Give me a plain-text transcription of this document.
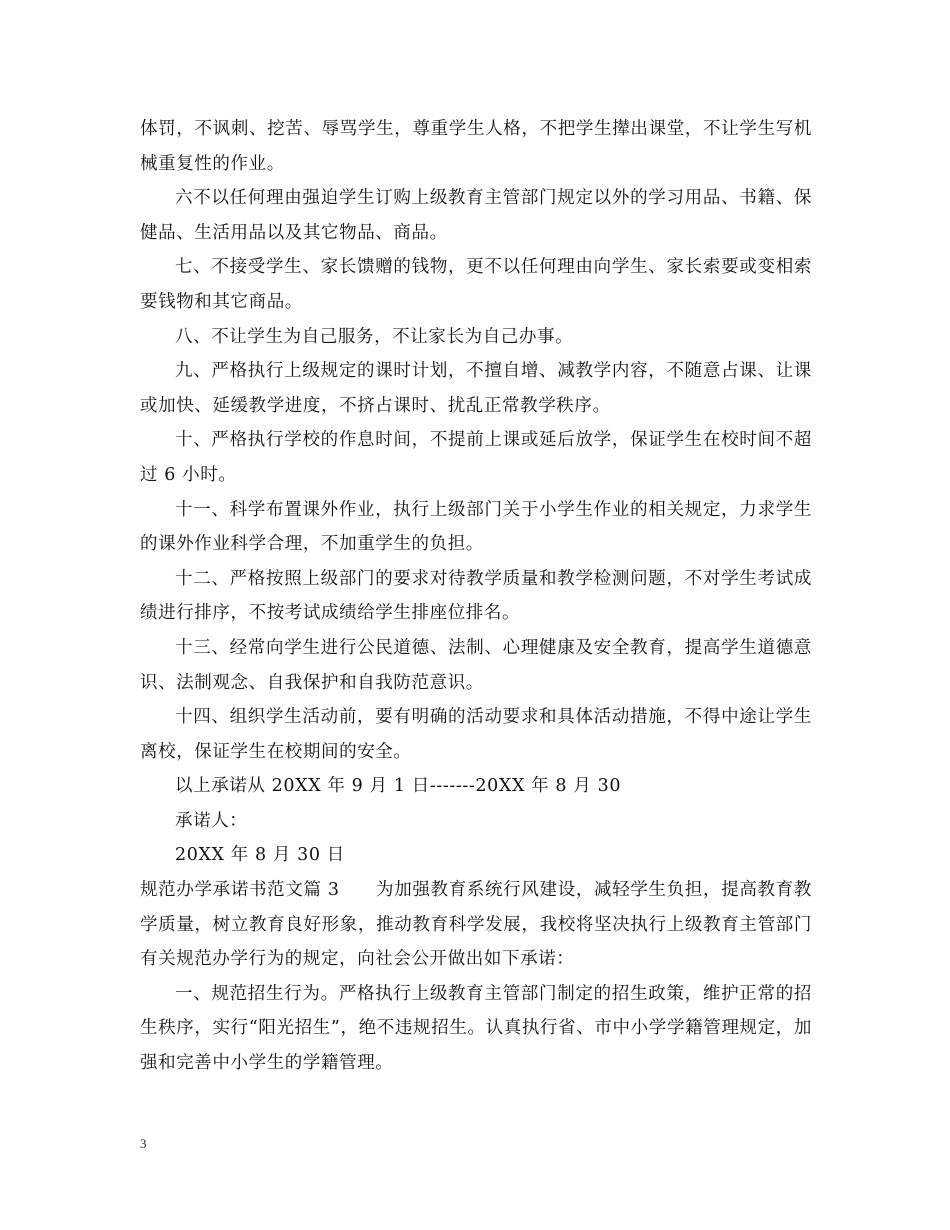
体罚，不讽刺、挖苦、辱骂学生，尊重学生人格，不把学生撵出课堂，不让学生写机械重复性的作业。

六不以任何理由强迫学生订购上级教育主管部门规定以外的学习用品、书籍、保健品、生活用品以及其它物品、商品。

七、不接受学生、家长馈赠的钱物，更不以任何理由向学生、家长索要或变相索要钱物和其它商品。

八、不让学生为自己服务，不让家长为自己办事。

九、严格执行上级规定的课时计划，不擅自增、减教学内容，不随意占课、让课或加快、延缓教学进度，不挤占课时、扰乱正常教学秩序。

十、严格执行学校的作息时间，不提前上课或延后放学，保证学生在校时间不超过 6 小时。

十一、科学布置课外作业，执行上级部门关于小学生作业的相关规定，力求学生的课外作业科学合理，不加重学生的负担。

十二、严格按照上级部门的要求对待教学质量和教学检测问题，不对学生考试成绩进行排序，不按考试成绩给学生排座位排名。

十三、经常向学生进行公民道德、法制、心理健康及安全教育，提高学生道德意识、法制观念、自我保护和自我防范意识。

十四、组织学生活动前，要有明确的活动要求和具体活动措施，不得中途让学生离校，保证学生在校期间的安全。

以上承诺从 20XX 年 9 月 1 日-------20XX 年 8 月 30

承诺人：

20XX 年 8 月 30 日

规范办学承诺书范文篇 3　　为加强教育系统行风建设，减轻学生负担，提高教育教学质量，树立教育良好形象，推动教育科学发展，我校将坚决执行上级教育主管部门有关规范办学行为的规定，向社会公开做出如下承诺：

一、规范招生行为。严格执行上级教育主管部门制定的招生政策，维护正常的招生秩序，实行“阳光招生”，绝不违规招生。认真执行省、市中小学学籍管理规定，加强和完善中小学生的学籍管理。

3
